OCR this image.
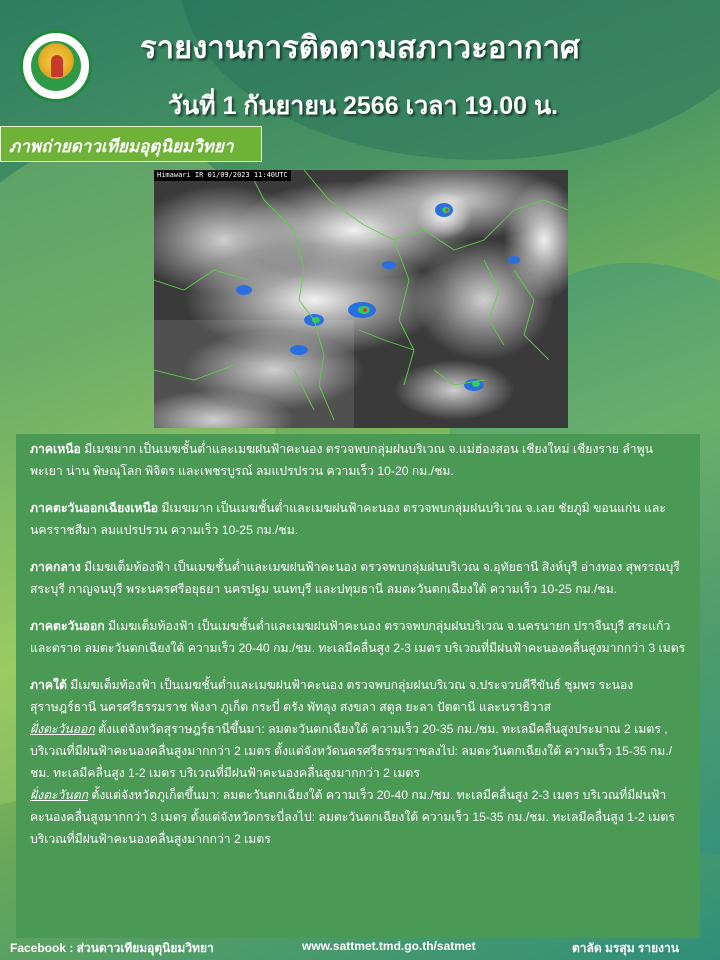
รายงานการติดตามสภาวะอากาศ
วันที่ 1 กันยายน 2566 เวลา 19.00 น.
ภาพถ่ายดาวเทียมอุตุนิยมวิทยา
Himawari IR 01/09/2023 11:40UTC

ภาคเหนือ มีเมฆมาก เป็นเมฆชั้นต่ำและเมฆฝนฟ้าคะนอง ตรวจพบกลุ่มฝนบริเวณ จ.แม่ฮ่องสอน เชียงใหม่ เชียงราย ลำพูน พะเยา น่าน พิษณุโลก พิจิตร และเพชรบูรณ์ ลมแปรปรวน ความเร็ว 10-20 กม./ชม.

ภาคตะวันออกเฉียงเหนือ มีเมฆมาก เป็นเมฆชั้นต่ำและเมฆฝนฟ้าคะนอง ตรวจพบกลุ่มฝนบริเวณ จ.เลย ชัยภูมิ ขอนแก่น และนครราชสีมา ลมแปรปรวน ความเร็ว 10-25 กม./ชม.

ภาคกลาง มีเมฆเต็มท้องฟ้า เป็นเมฆชั้นต่ำและเมฆฝนฟ้าคะนอง ตรวจพบกลุ่มฝนบริเวณ จ.อุทัยธานี สิงห์บุรี อ่างทอง สุพรรณบุรี สระบุรี กาญจนบุรี พระนครศรีอยุธยา นครปฐม นนทบุรี และปทุมธานี ลมตะวันตกเฉียงใต้ ความเร็ว 10-25 กม./ชม.

ภาคตะวันออก มีเมฆเต็มท้องฟ้า เป็นเมฆชั้นต่ำและเมฆฝนฟ้าคะนอง ตรวจพบกลุ่มฝนบริเวณ จ.นครนายก ปราจีนบุรี สระแก้ว และตราด ลมตะวันตกเฉียงใต้ ความเร็ว 20-40 กม./ชม. ทะเลมีคลื่นสูง 2-3 เมตร บริเวณที่มีฝนฟ้าคะนองคลื่นสูงมากกว่า 3 เมตร

ภาคใต้ มีเมฆเต็มท้องฟ้า เป็นเมฆชั้นต่ำและเมฆฝนฟ้าคะนอง ตรวจพบกลุ่มฝนบริเวณ จ.ประจวบคีรีขันธ์ ชุมพร ระนอง สุราษฎร์ธานี นครศรีธรรมราช พังงา ภูเก็ต กระบี่ ตรัง พัทลุง สงขลา สตูล ยะลา ปัตตานี และนราธิวาส

ฝั่งตะวันออก ตั้งแต่จังหวัดสุราษฎร์ธานีขึ้นมา: ลมตะวันตกเฉียงใต้ ความเร็ว 20-35 กม./ชม. ทะเลมีคลื่นสูงประมาณ 2 เมตร , บริเวณที่มีฝนฟ้าคะนองคลื่นสูงมากกว่า 2 เมตร ตั้งแต่จังหวัดนครศรีธรรมราชลงไป: ลมตะวันตกเฉียงใต้ ความเร็ว 15-35 กม./ชม. ทะเลมีคลื่นสูง 1-2 เมตร บริเวณที่มีฝนฟ้าคะนองคลื่นสูงมากกว่า 2 เมตร

ฝั่งตะวันตก ตั้งแต่จังหวัดภูเก็ตขึ้นมา: ลมตะวันตกเฉียงใต้ ความเร็ว 20-40 กม./ชม. ทะเลมีคลื่นสูง 2-3 เมตร บริเวณที่มีฝนฟ้าคะนองคลื่นสูงมากกว่า 3 เมตร ตั้งแต่จังหวัดกระบี่ลงไป: ลมตะวันตกเฉียงใต้ ความเร็ว 15-35 กม./ชม. ทะเลมีคลื่นสูง 1-2 เมตร บริเวณที่มีฝนฟ้าคะนองคลื่นสูงมากกว่า 2 เมตร

Facebook : ส่วนดาวเทียมอุตุนิยมวิทยา	www.sattmet.tmd.go.th/satmet	ตาลัด มรสุม รายงาน
